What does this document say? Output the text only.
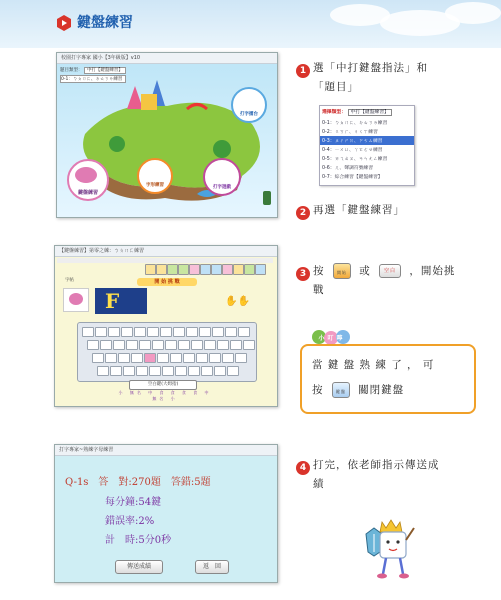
鍵盤練習
校園打字專家 國小【3年級版】v10
題目類型： 中打【鍵盤練習】
0-1：ㄅㄆㄇㄈ、ㄉㄊㄋㄌ練習
鍵盤練習
字形練習	打字遊戲
打字擂台
1 選「中打鍵盤指法」和
「題目」
選擇類型： 中打【鍵盤練習】
0-1：ㄅㄆㄇㄈ、ㄉㄊㄋㄌ練習
0-2：ㄍㄎㄏ、ㄐㄑㄒ練習
0-3：ㄓㄔㄕㄖ、ㄗㄘㄙ練習
0-4：ㄧㄨㄩ、ㄚㄛㄜㄝ練習
0-5：ㄞㄟㄠㄡ、ㄢㄣㄤㄥ練習
0-6：ㄦ、聲調符號練習
0-7：綜合練習【鍵盤練習】
2 再選「鍵盤練習」
【鍵盤練習】第零之練：ㄅㄆㄇㄈ練習
字帖	開 始 挑 戰
F	✋✋
空白鍵(大姆指)
小 無名 中 食 食 食 食 中 無名 小
3 按	開始 或	空白 ，開始挑
戰
小叮嚀
當 鍵 盤 熟 練 了 ， 可
按	鍵盤 關閉鍵盤
打字專家~熟練字母練習
Q-1s　答　對:270題　答錯:5題
每分鐘:54鍵
錯誤率:2%
計　時:5分0秒
傳送成績	返　回
4 打完，依老師指示傳送成
績
